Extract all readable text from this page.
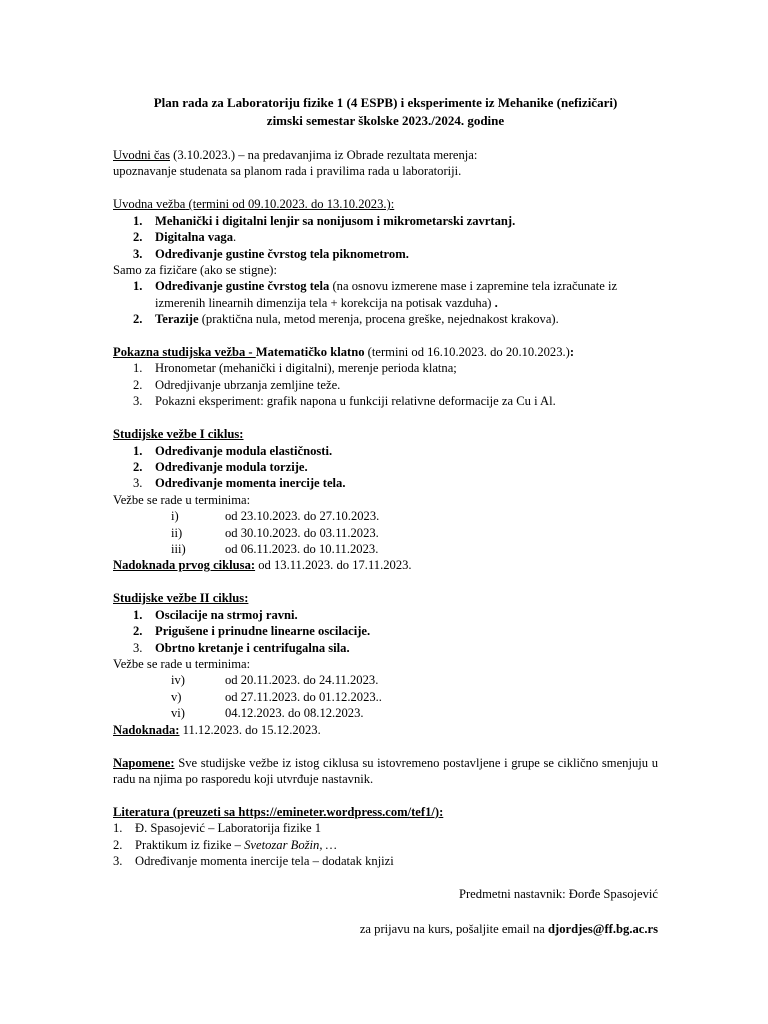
Plan rada za Laboratoriju fizike 1 (4 ESPB) i eksperimente iz Mehanike (nefizičari)
zimski semestar školske 2023./2024. godine
Uvodni čas (3.10.2023.) – na predavanjima iz Obrade rezultata merenja:
upoznavanje studenata sa planom rada i pravilima rada u laboratoriji.
Uvodna vežba (termini od 09.10.2023. do 13.10.2023.):
1. Mehanički i digitalni lenjir sa nonijusom i mikrometarski zavrtanj.
2. Digitalna vaga.
3. Određivanje gustine čvrstog tela piknometrom.
Samo za fizičare (ako se stigne):
1. Određivanje gustine čvrstog tela (na osnovu izmerene mase i zapremine tela izračunate iz izmerenih linearnih dimenzija tela + korekcija na potisak vazduha) .
2. Terazije (praktična nula, metod merenja, procena greške, nejednakost krakova).
Pokazna studijska vežba - Matematičko klatno (termini od 16.10.2023. do 20.10.2023.):
1. Hronometar (mehanički i digitalni), merenje perioda klatna;
2. Odredjivanje ubrzanja zemljine teže.
3. Pokazni eksperiment: grafik napona u funkciji relativne deformacije za Cu i Al.
Studijske vežbe I ciklus:
1. Određivanje modula elastičnosti.
2. Određivanje modula torzije.
3. Određivanje momenta inercije tela.
Vežbe se rade u terminima:
i)	od 23.10.2023. do 27.10.2023.
ii)	od 30.10.2023. do 03.11.2023.
iii)	od 06.11.2023. do 10.11.2023.
Nadoknada prvog ciklusa: od 13.11.2023. do 17.11.2023.
Studijske vežbe II ciklus:
1. Oscilacije na strmoj ravni.
2. Prigušene i prinudne linearne oscilacije.
3. Obrtno kretanje i centrifugalna sila.
Vežbe se rade u terminima:
iv)	od 20.11.2023. do 24.11.2023.
v)	od 27.11.2023. do 01.12.2023..
vi)	04.12.2023. do 08.12.2023.
Nadoknada: 11.12.2023. do 15.12.2023.
Napomene: Sve studijske vežbe iz istog ciklusa su istovremeno postavljene i grupe se ciklično smenjuju u radu na njima po rasporedu koji utvrđuje nastavnik.
Literatura (preuzeti sa https://emineter.wordpress.com/tef1/):
1. Đ. Spasojević – Laboratorija fizike 1
2. Praktikum iz fizike – Svetozar Božin, …
3. Određivanje momenta inercije tela – dodatak knjizi
Predmetni nastavnik: Đorđe Spasojević
za prijavu na kurs, pošaljite email na djordjes@ff.bg.ac.rs
